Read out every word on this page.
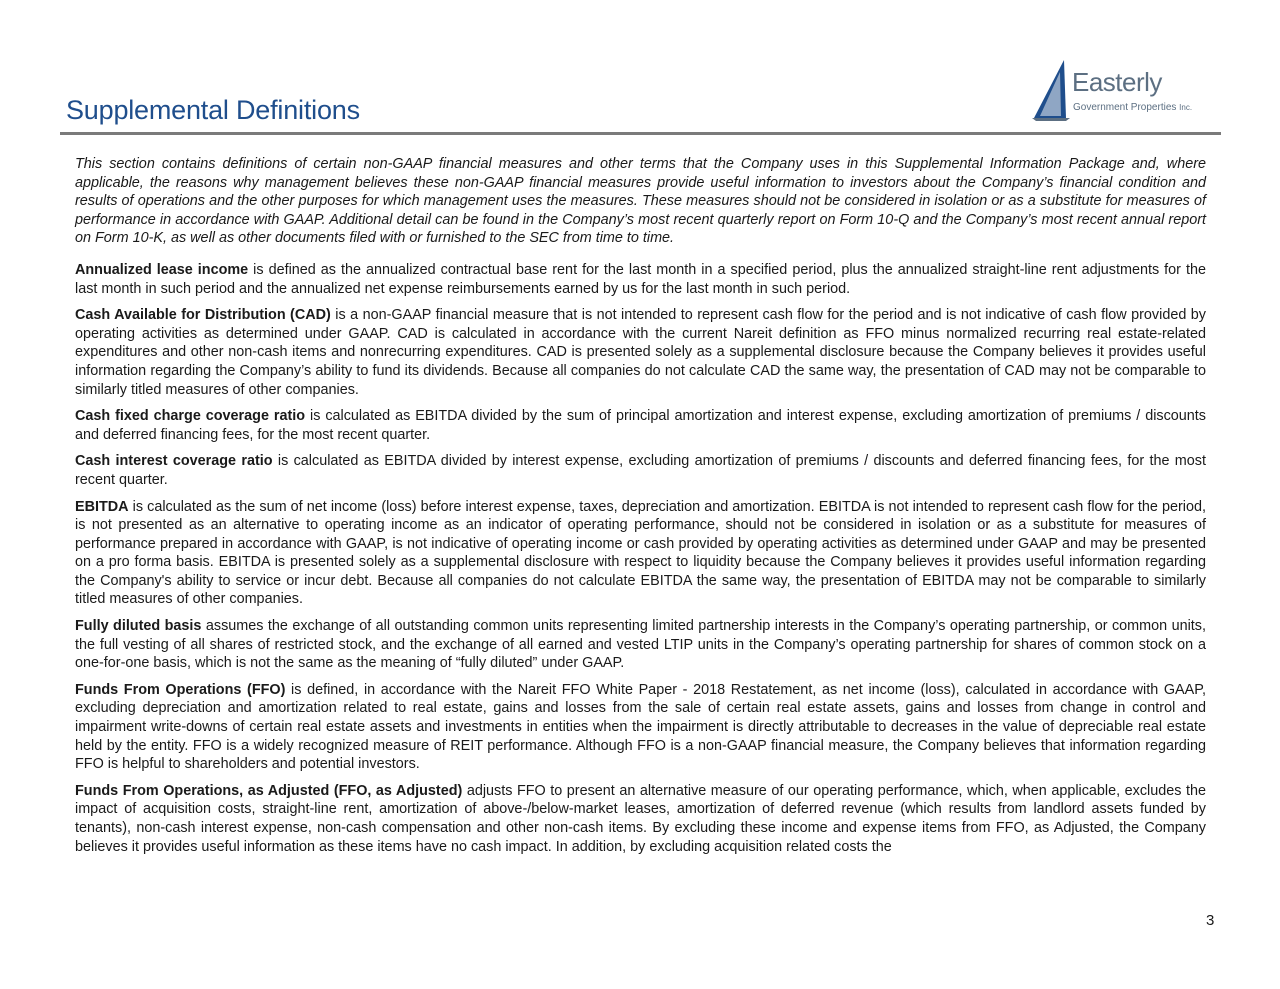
Supplemental Definitions
Easterly
Government Properties Inc.

This section contains definitions of certain non-GAAP financial measures and other terms that the Company uses in this Supplemental Information Package and, where applicable, the reasons why management believes these non-GAAP financial measures provide useful information to investors about the Company’s financial condition and results of operations and the other purposes for which management uses the measures. These measures should not be considered in isolation or as a substitute for measures of performance in accordance with GAAP. Additional detail can be found in the Company’s most recent quarterly report on Form 10-Q and the Company’s most recent annual report on Form 10-K, as well as other documents filed with or furnished to the SEC from time to time.

Annualized lease income is defined as the annualized contractual base rent for the last month in a specified period, plus the annualized straight-line rent adjustments for the last month in such period and the annualized net expense reimbursements earned by us for the last month in such period.

Cash Available for Distribution (CAD) is a non-GAAP financial measure that is not intended to represent cash flow for the period and is not indicative of cash flow provided by operating activities as determined under GAAP. CAD is calculated in accordance with the current Nareit definition as FFO minus normalized recurring real estate-related expenditures and other non-cash items and nonrecurring expenditures. CAD is presented solely as a supplemental disclosure because the Company believes it provides useful information regarding the Company’s ability to fund its dividends. Because all companies do not calculate CAD the same way, the presentation of CAD may not be comparable to similarly titled measures of other companies.

Cash fixed charge coverage ratio is calculated as EBITDA divided by the sum of principal amortization and interest expense, excluding amortization of premiums / discounts and deferred financing fees, for the most recent quarter.

Cash interest coverage ratio is calculated as EBITDA divided by interest expense, excluding amortization of premiums / discounts and deferred financing fees, for the most recent quarter.

EBITDA is calculated as the sum of net income (loss) before interest expense, taxes, depreciation and amortization. EBITDA is not intended to represent cash flow for the period, is not presented as an alternative to operating income as an indicator of operating performance, should not be considered in isolation or as a substitute for measures of performance prepared in accordance with GAAP, is not indicative of operating income or cash provided by operating activities as determined under GAAP and may be presented on a pro forma basis. EBITDA is presented solely as a supplemental disclosure with respect to liquidity because the Company believes it provides useful information regarding the Company's ability to service or incur debt. Because all companies do not calculate EBITDA the same way, the presentation of EBITDA may not be comparable to similarly titled measures of other companies.

Fully diluted basis assumes the exchange of all outstanding common units representing limited partnership interests in the Company’s operating partnership, or common units, the full vesting of all shares of restricted stock, and the exchange of all earned and vested LTIP units in the Company’s operating partnership for shares of common stock on a one-for-one basis, which is not the same as the meaning of “fully diluted” under GAAP.

Funds From Operations (FFO) is defined, in accordance with the Nareit FFO White Paper - 2018 Restatement, as net income (loss), calculated in accordance with GAAP, excluding depreciation and amortization related to real estate, gains and losses from the sale of certain real estate assets, gains and losses from change in control and impairment write-downs of certain real estate assets and investments in entities when the impairment is directly attributable to decreases in the value of depreciable real estate held by the entity. FFO is a widely recognized measure of REIT performance. Although FFO is a non-GAAP financial measure, the Company believes that information regarding FFO is helpful to shareholders and potential investors.

Funds From Operations, as Adjusted (FFO, as Adjusted) adjusts FFO to present an alternative measure of our operating performance, which, when applicable, excludes the impact of acquisition costs, straight-line rent, amortization of above-/below-market leases, amortization of deferred revenue (which results from landlord assets funded by tenants), non-cash interest expense, non-cash compensation and other non-cash items. By excluding these income and expense items from FFO, as Adjusted, the Company believes it provides useful information as these items have no cash impact. In addition, by excluding acquisition related costs the

3
